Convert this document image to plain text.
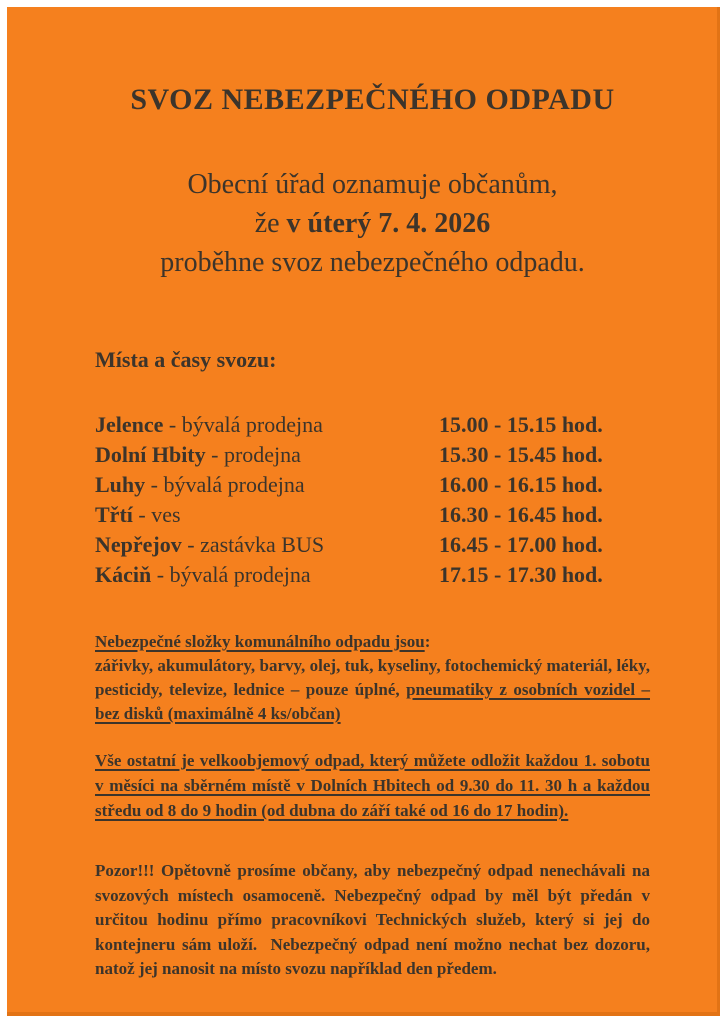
SVOZ NEBEZPEČNÉHO ODPADU
Obecní úřad oznamuje občanům,
že v úterý 7. 4. 2026
proběhne svoz nebezpečného odpadu.
Místa a časy svozu:
Jelence - bývalá prodejna	15.00 - 15.15 hod.
Dolní Hbity - prodejna	15.30 - 15.45 hod.
Luhy - bývalá prodejna	16.00 - 16.15 hod.
Třtí - ves	16.30 - 16.45 hod.
Nepřejov - zastávka BUS	16.45 - 17.00 hod.
Káciň - bývalá prodejna	17.15 - 17.30 hod.
Nebezpečné složky komunálního odpadu jsou:
zářivky, akumulátory, barvy, olej, tuk, kyseliny, fotochemický materiál, léky, pesticidy, televize, lednice – pouze úplné, pneumatiky z osobních vozidel – bez disků (maximálně 4 ks/občan)
Vše ostatní je velkoobjemový odpad, který můžete odložit každou 1. sobotu v měsíci na sběrném místě v Dolních Hbitech od 9.30 do 11. 30 h a každou středu od 8 do 9 hodin (od dubna do září také od 16 do 17 hodin).
Pozor!!! Opětovně prosíme občany, aby nebezpečný odpad nenechávali na svozových místech osamoceně. Nebezpečný odpad by měl být předán v určitou hodinu přímo pracovníkovi Technických služeb, který si jej do kontejneru sám uloží.  Nebezpečný odpad není možno nechat bez dozoru, natož jej nanosit na místo svozu například den předem.
